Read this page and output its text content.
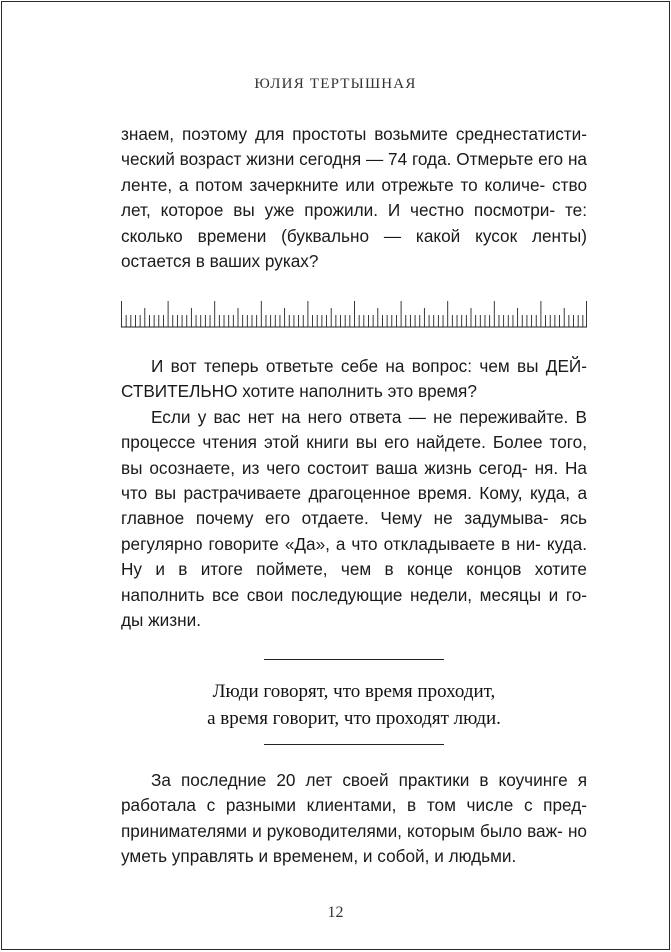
ЮЛИЯ ТЕРТЫШНАЯ

знаем, поэтому для простоты возьмите среднестатисти- ческий возраст жизни сегодня — 74 года. Отмерьте его на ленте, а потом зачеркните или отрежьте то количе- ство лет, которое вы уже прожили. И честно посмотри- те: сколько времени (буквально — какой кусок ленты) остается в ваших руках?

И вот теперь ответьте себе на вопрос: чем вы ДЕЙ- СТВИТЕЛЬНО хотите наполнить это время?

Если у вас нет на него ответа — не переживайте. В процессе чтения этой книги вы его найдете. Более того, вы осознаете, из чего состоит ваша жизнь сегод- ня. На что вы растрачиваете драгоценное время. Кому, куда, а главное почему его отдаете. Чему не задумыва- ясь регулярно говорите «Да», а что откладываете в ни- куда. Ну и в итоге поймете, чем в конце концов хотите наполнить все свои последующие недели, месяцы и го- ды жизни.

Люди говорят, что время проходит,
а время говорит, что проходят люди.

За последние 20 лет своей практики в коучинге я работала с разными клиентами, в том числе с пред- принимателями и руководителями, которым было важ- но уметь управлять и временем, и собой, и людьми.

12
